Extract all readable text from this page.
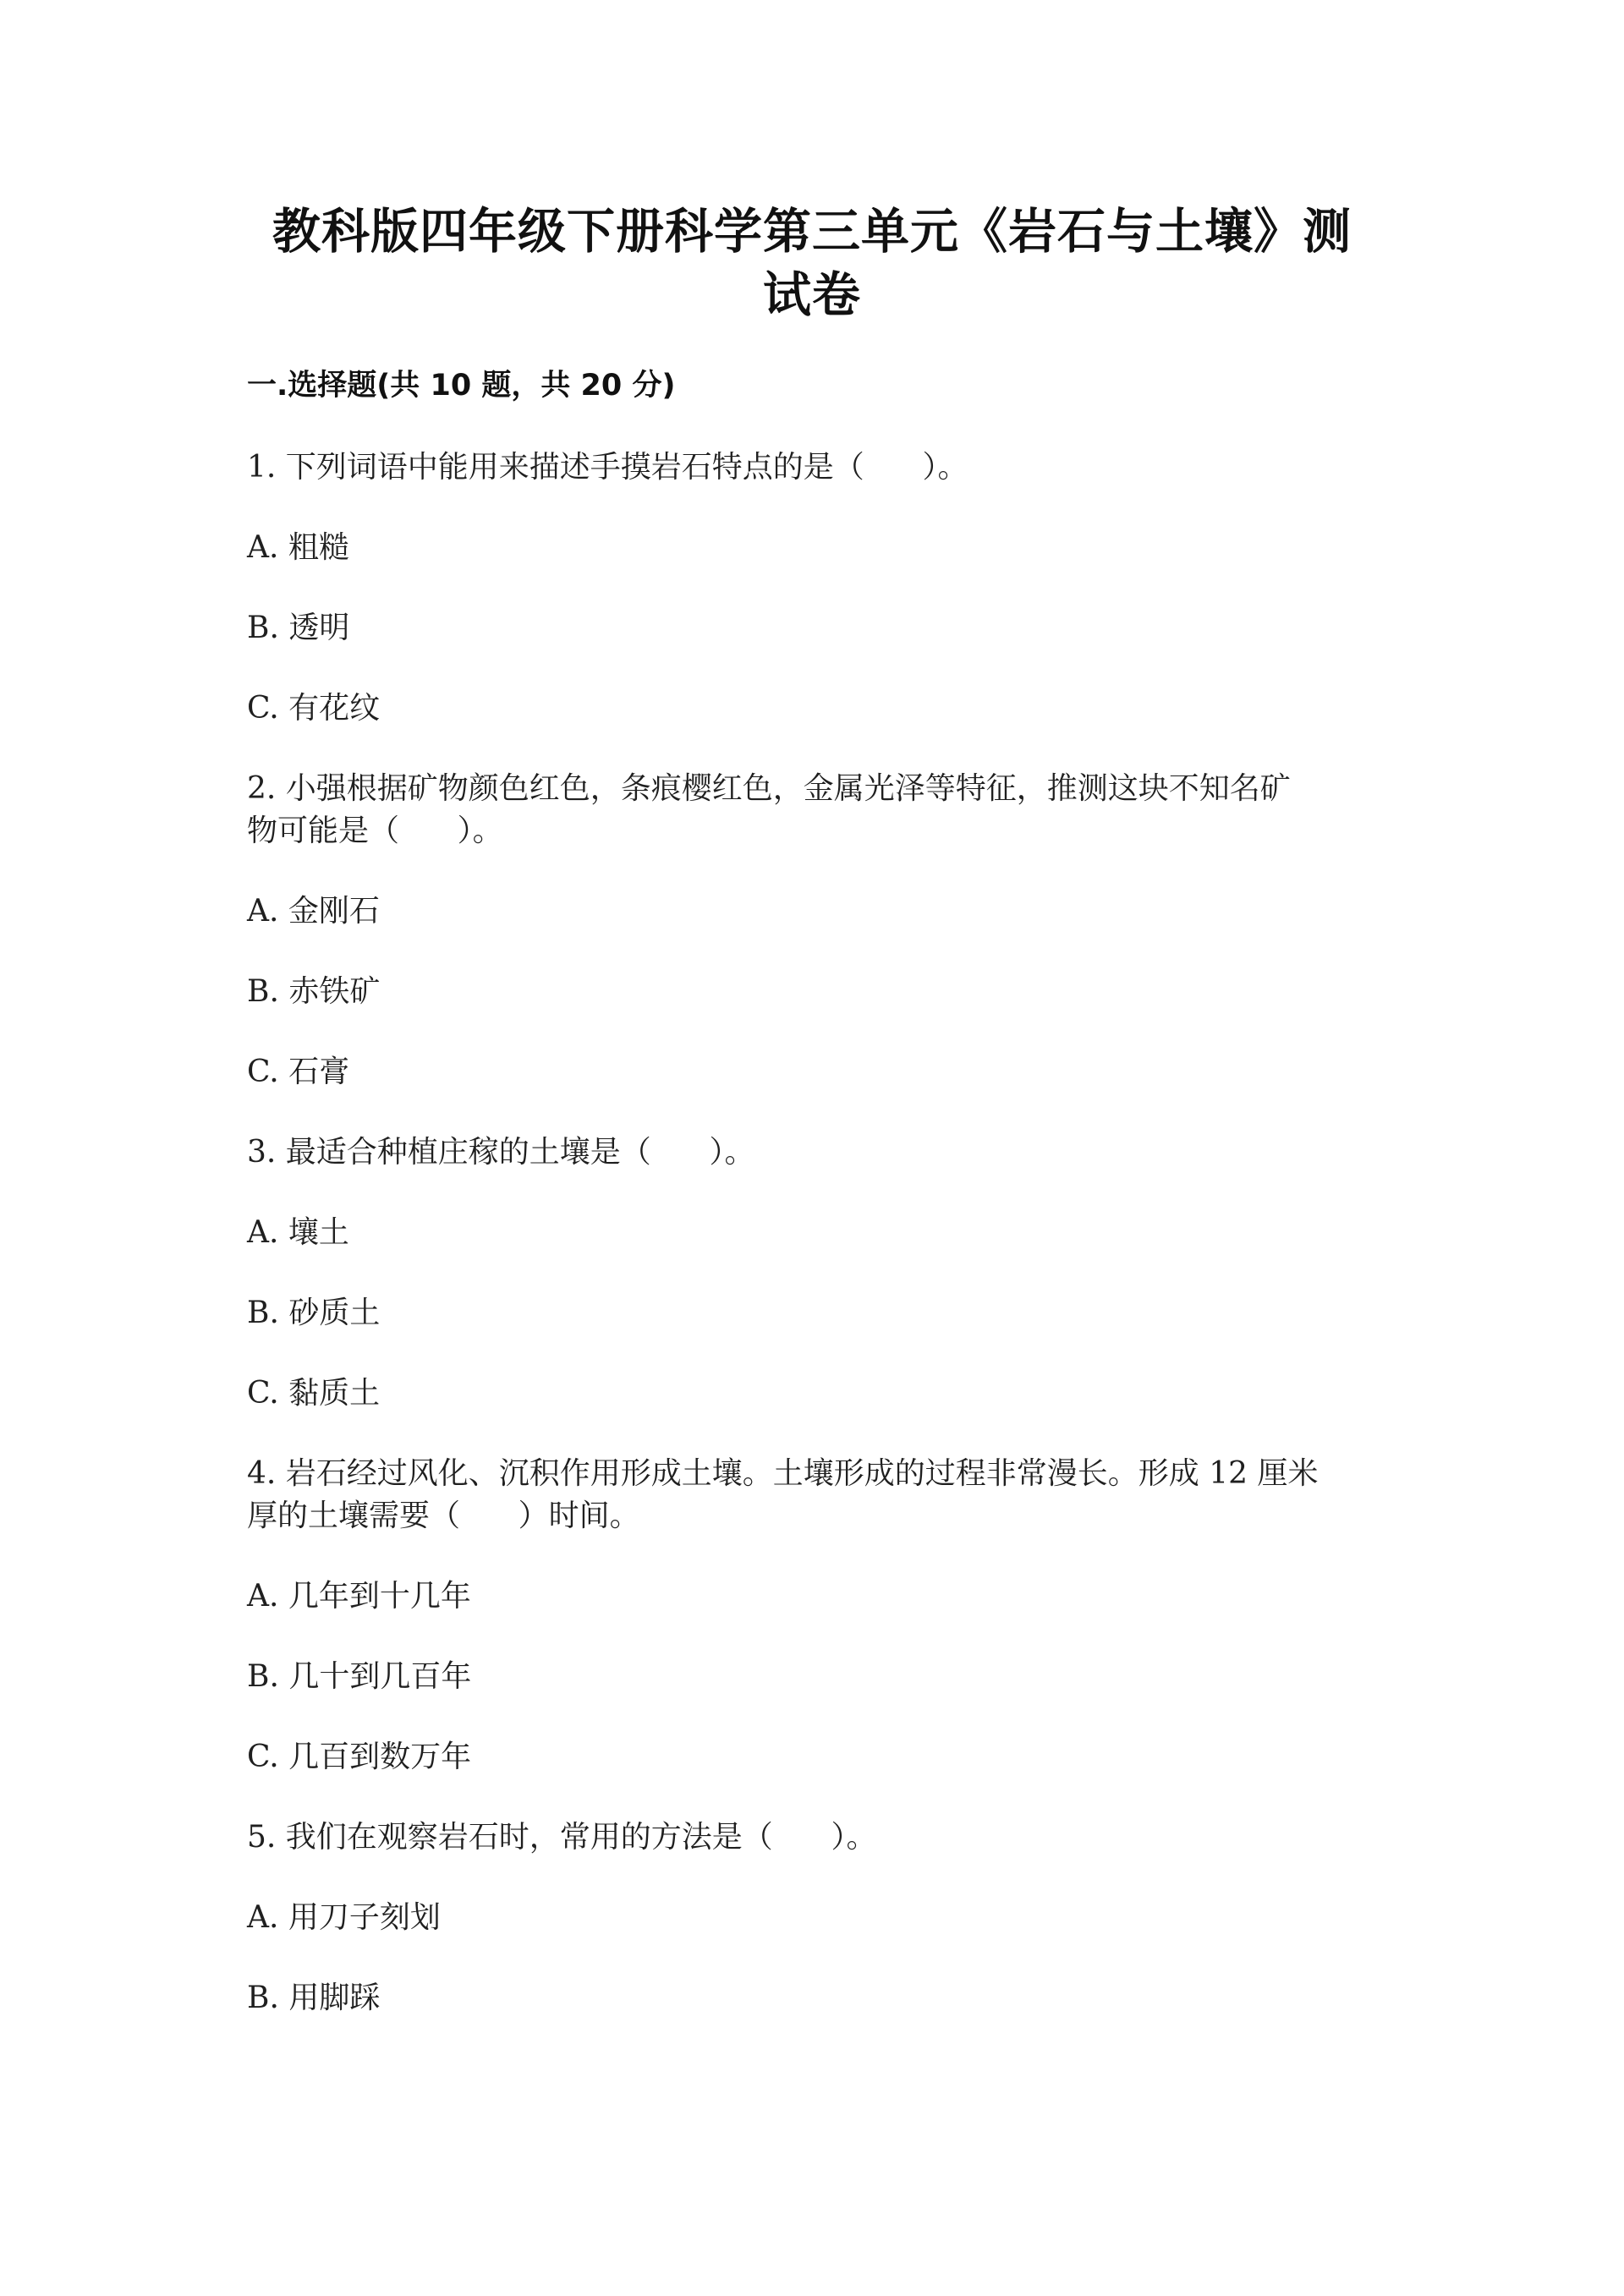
教科版四年级下册科学第三单元《岩石与土壤》测
试卷
一.选择题(共 10 题，共 20 分)
1. 下列词语中能用来描述手摸岩石特点的是（      ）。
A. 粗糙
B. 透明
C. 有花纹
2. 小强根据矿物颜色红色，条痕樱红色，金属光泽等特征，推测这块不知名矿
物可能是（      ）。
A. 金刚石
B. 赤铁矿
C. 石膏
3. 最适合种植庄稼的土壤是（      ）。
A. 壤土
B. 砂质土
C. 黏质土
4. 岩石经过风化、沉积作用形成土壤。土壤形成的过程非常漫长。形成 12 厘米
厚的土壤需要（      ）时间。
A. 几年到十几年
B. 几十到几百年
C. 几百到数万年
5. 我们在观察岩石时，常用的方法是（      ）。
A. 用刀子刻划
B. 用脚踩
